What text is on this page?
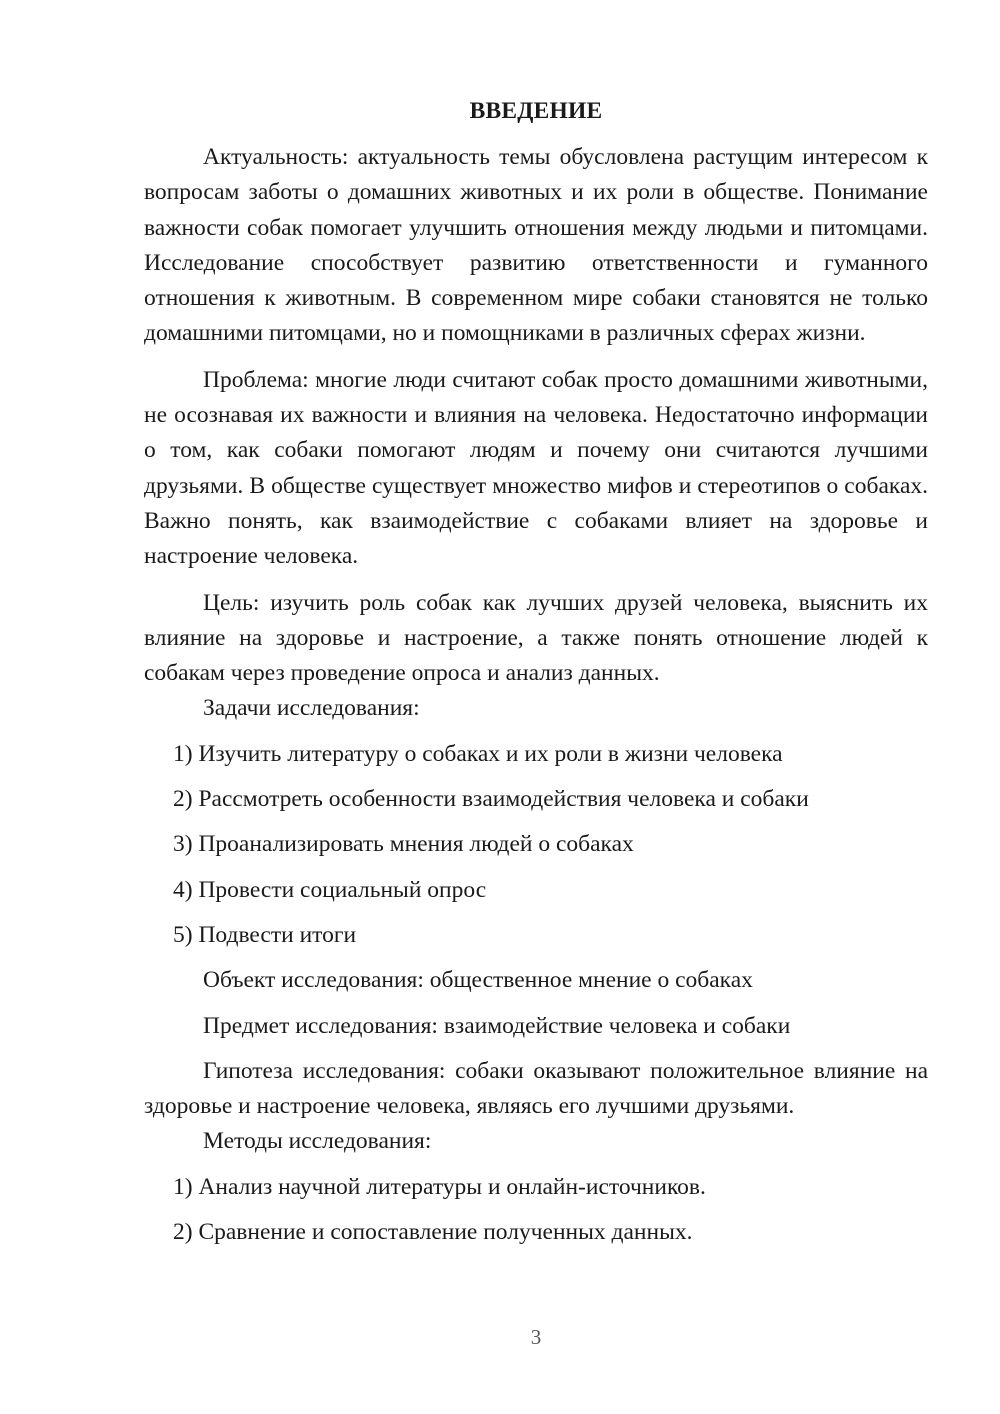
ВВЕДЕНИЕ

Актуальность: актуальность темы обусловлена растущим интересом к вопросам заботы о домашних животных и их роли в обществе. Понимание важности собак помогает улучшить отношения между людьми и питомцами. Исследование способствует развитию ответственности и гуманного отношения к животным. В современном мире собаки становятся не только домашними питомцами, но и помощниками в различных сферах жизни.

Проблема: многие люди считают собак просто домашними животными, не осознавая их важности и влияния на человека. Недостаточно информации о том, как собаки помогают людям и почему они считаются лучшими друзьями. В обществе существует множество мифов и стереотипов о собаках. Важно понять, как взаимодействие с собаками влияет на здоровье и настроение человека.

Цель: изучить роль собак как лучших друзей человека, выяснить их влияние на здоровье и настроение, а также понять отношение людей к собакам через проведение опроса и анализ данных.

Задачи исследования:

1) Изучить литературу о собаках и их роли в жизни человека

2) Рассмотреть особенности взаимодействия человека и собаки

3) Проанализировать мнения людей о собаках

4) Провести социальный опрос

5) Подвести итоги

Объект исследования: общественное мнение о собаках

Предмет исследования: взаимодействие человека и собаки

Гипотеза исследования: собаки оказывают положительное влияние на здоровье и настроение человека, являясь его лучшими друзьями.

Методы исследования:

1) Анализ научной литературы и онлайн-источников.

2) Сравнение и сопоставление полученных данных.

3
